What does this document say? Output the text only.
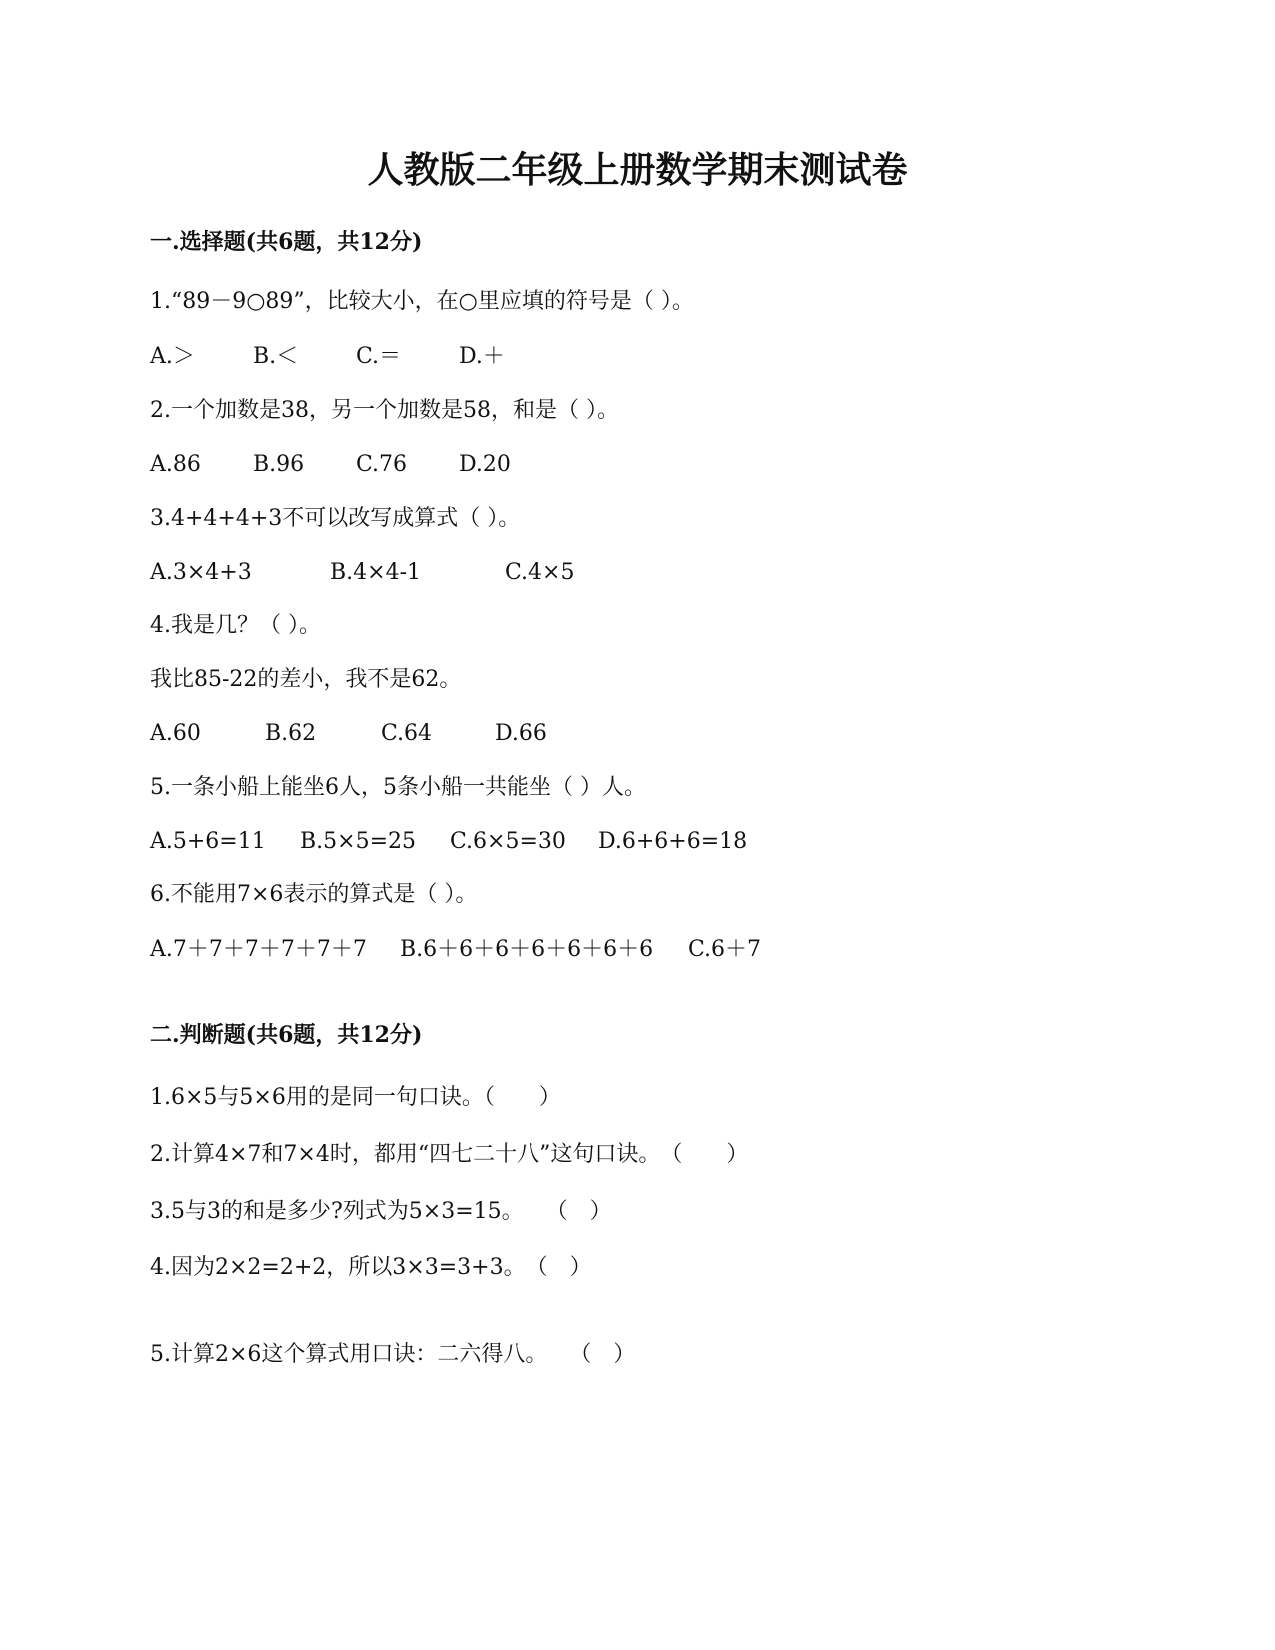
人教版二年级上册数学期末测试卷
一.选择题(共6题，共12分)
1.“89－9○89”，比较大小，在○里应填的符号是（ ）。
A.＞	B.＜	C.＝	D.＋
2.一个加数是38，另一个加数是58，和是（ ）。
A.86 B.96 C.76 D.20
3.4+4+4+3不可以改写成算式（ ）。
A.3×4+3	B.4×4-1	C.4×5
4.我是几？（ ）。
我比85-22的差小，我不是62。
A.60	B.62	C.64	D.66
5.一条小船上能坐6人，5条小船一共能坐（ ）人。
A.5+6=11 B.5×5=25 C.6×5=30 D.6+6+6=18
6.不能用7×6表示的算式是（ ）。
A.7＋7＋7＋7＋7＋7 B.6＋6＋6＋6＋6＋6＋6 C.6＋7
二.判断题(共6题，共12分)
1.6×5与5×6用的是同一句口诀。（　　）
2.计算4×7和7×4时，都用“四七二十八”这句口诀。　（　　）
3.5与3的和是多少?列式为5×3=15。　　（　）
4.因为2×2=2+2，所以3×3=3+3。　（　）
5.计算2×6这个算式用口诀：二六得八。　　（　）
